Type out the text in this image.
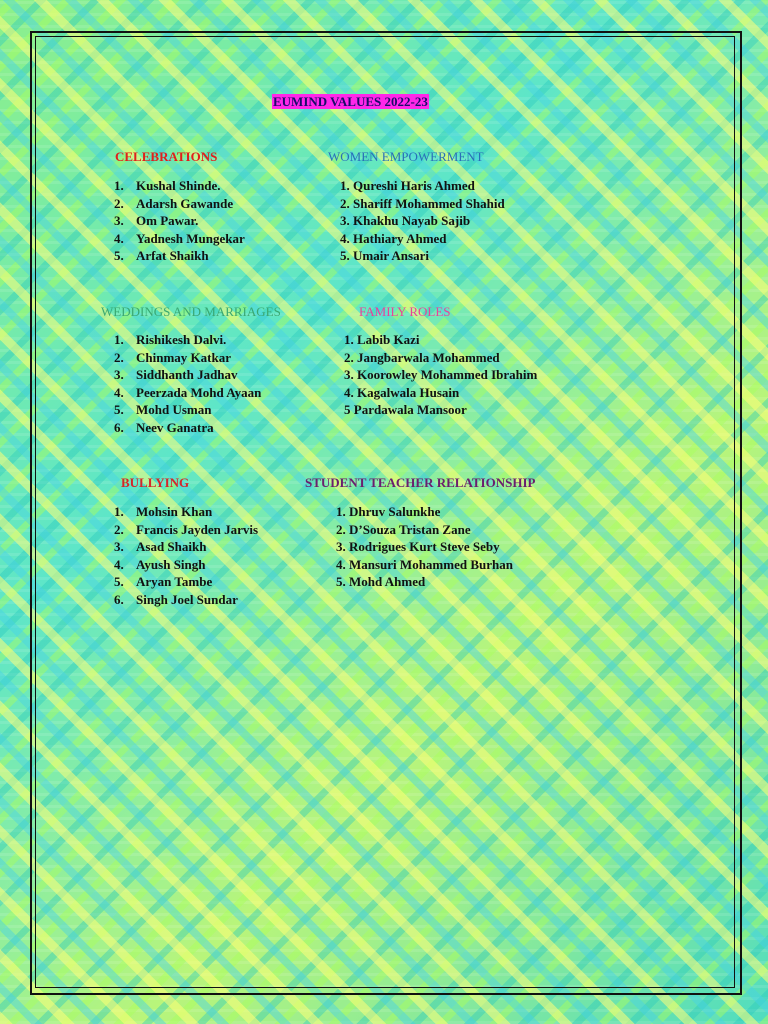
EUMIND VALUES 2022-23
CELEBRATIONS
1. Kushal Shinde.
2. Adarsh Gawande
3. Om Pawar.
4. Yadnesh Mungekar
5. Arfat Shaikh
WOMEN EMPOWERMENT
1. Qureshi Haris Ahmed
2. Shariff Mohammed Shahid
3. Khakhu Nayab Sajib
4. Hathiary Ahmed
5. Umair Ansari
WEDDINGS AND MARRIAGES
1. Rishikesh Dalvi.
2. Chinmay Katkar
3. Siddhanth Jadhav
4. Peerzada Mohd Ayaan
5. Mohd Usman
6. Neev Ganatra
FAMILY ROLES
1. Labib Kazi
2. Jangbarwala Mohammed
3. Koorowley Mohammed Ibrahim
4. Kagalwala Husain
5 Pardawala Mansoor
BULLYING
1. Mohsin Khan
2. Francis Jayden Jarvis
3. Asad Shaikh
4. Ayush Singh
5. Aryan Tambe
6. Singh Joel Sundar
STUDENT TEACHER RELATIONSHIP
1. Dhruv Salunkhe
2. D’Souza Tristan Zane
3. Rodrigues Kurt Steve Seby
4. Mansuri Mohammed Burhan
5. Mohd Ahmed
